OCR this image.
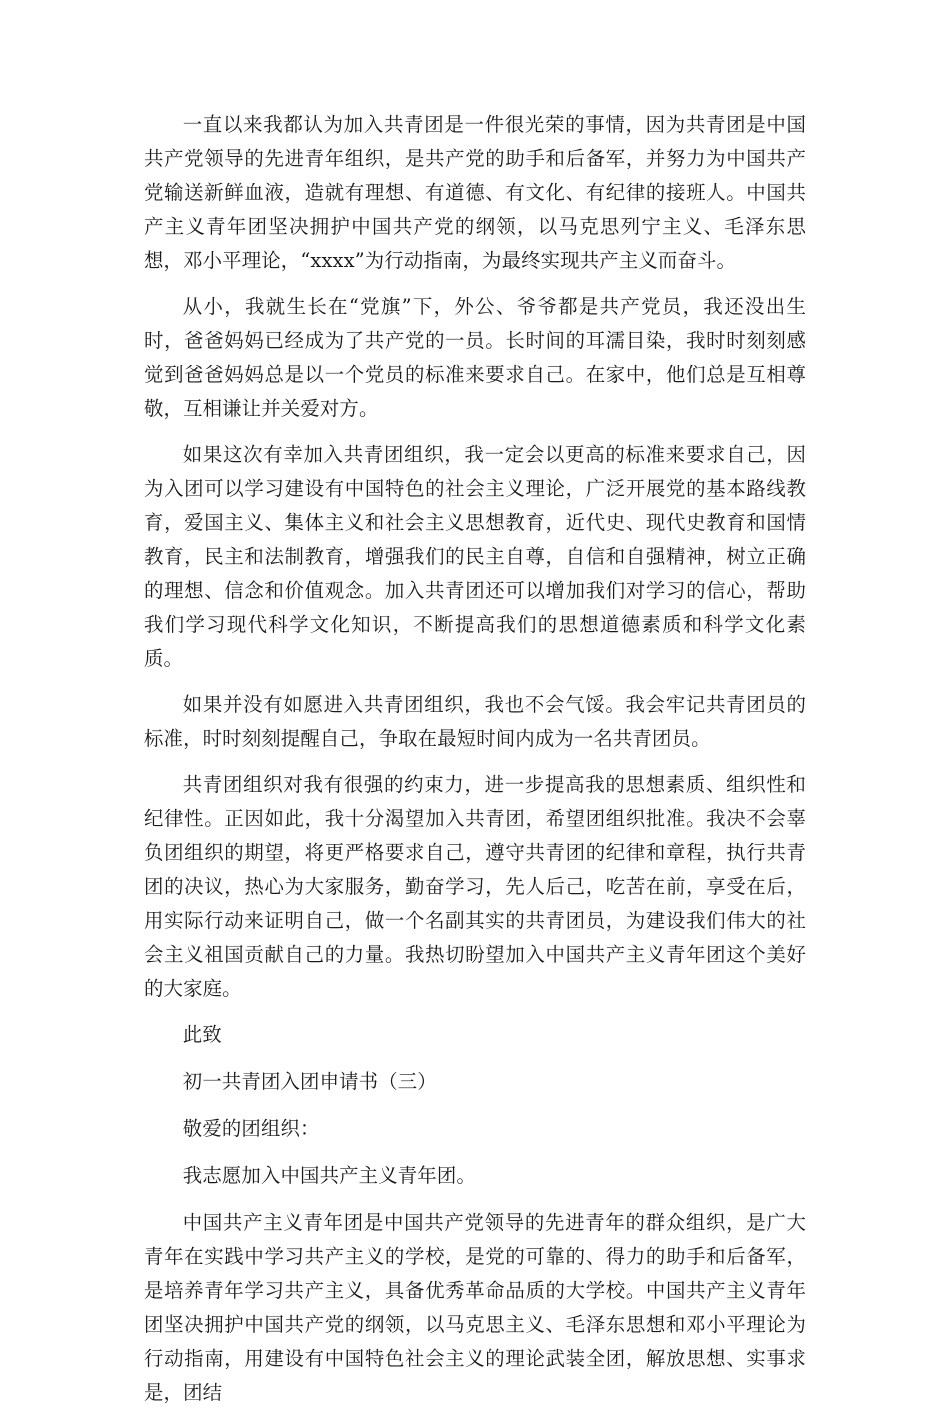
一直以来我都认为加入共青团是一件很光荣的事情，因为共青团是中国共产党领导的先进青年组织，是共产党的助手和后备军，并努力为中国共产党输送新鲜血液，造就有理想、有道德、有文化、有纪律的接班人。中国共产主义青年团坚决拥护中国共产党的纲领，以马克思列宁主义、毛泽东思想，邓小平理论，“xxxx”为行动指南，为最终实现共产主义而奋斗。

从小，我就生长在“党旗”下，外公、爷爷都是共产党员，我还没出生时，爸爸妈妈已经成为了共产党的一员。长时间的耳濡目染，我时时刻刻感觉到爸爸妈妈总是以一个党员的标准来要求自己。在家中，他们总是互相尊敬，互相谦让并关爱对方。

如果这次有幸加入共青团组织，我一定会以更高的标准来要求自己，因为入团可以学习建设有中国特色的社会主义理论，广泛开展党的基本路线教育，爱国主义、集体主义和社会主义思想教育，近代史、现代史教育和国情教育，民主和法制教育，增强我们的民主自尊，自信和自强精神，树立正确的理想、信念和价值观念。加入共青团还可以增加我们对学习的信心，帮助我们学习现代科学文化知识，不断提高我们的思想道德素质和科学文化素质。

如果并没有如愿进入共青团组织，我也不会气馁。我会牢记共青团员的标准，时时刻刻提醒自己，争取在最短时间内成为一名共青团员。

共青团组织对我有很强的约束力，进一步提高我的思想素质、组织性和纪律性。正因如此，我十分渴望加入共青团，希望团组织批准。我决不会辜负团组织的期望，将更严格要求自己，遵守共青团的纪律和章程，执行共青团的决议，热心为大家服务，勤奋学习，先人后己，吃苦在前，享受在后，用实际行动来证明自己，做一个名副其实的共青团员，为建设我们伟大的社会主义祖国贡献自己的力量。我热切盼望加入中国共产主义青年团这个美好的大家庭。

此致

初一共青团入团申请书（三）

敬爱的团组织：

我志愿加入中国共产主义青年团。

中国共产主义青年团是中国共产党领导的先进青年的群众组织，是广大青年在实践中学习共产主义的学校，是党的可靠的、得力的助手和后备军，是培养青年学习共产主义，具备优秀革命品质的大学校。中国共产主义青年团坚决拥护中国共产党的纲领，以马克思主义、毛泽东思想和邓小平理论为行动指南，用建设有中国特色社会主义的理论武装全团，解放思想、实事求是，团结
